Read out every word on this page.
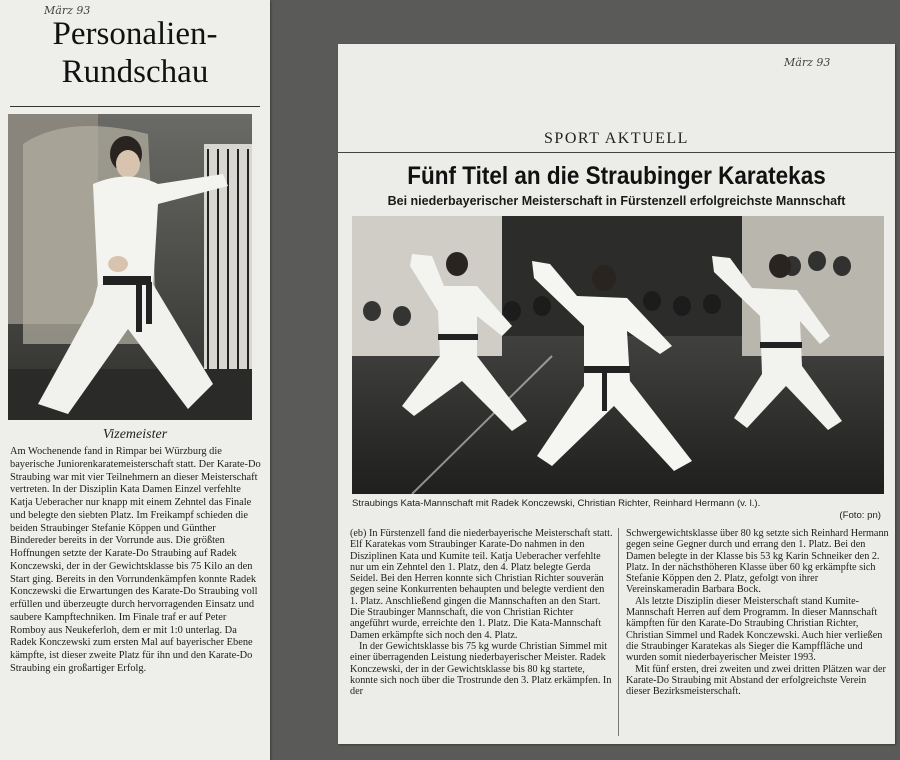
März 93
Personalien-
Rundschau
Vizemeister
Am Wochenende fand in Rimpar bei Würzburg die bayerische Juniorenkaratemeisterschaft statt. Der Karate-Do Straubing war mit vier Teilnehmern an dieser Meisterschaft vertreten. In der Disziplin Kata Damen Einzel verfehlte Katja Ueberacher nur knapp mit einem Zehntel das Finale und belegte den siebten Platz. Im Freikampf schieden die beiden Straubinger Stefanie Köppen und Günther Bindereder bereits in der Vorrunde aus. Die größten Hoffnungen setzte der Karate-Do Straubing auf Radek Konczewski, der in der Gewichtsklasse bis 75 Kilo an den Start ging. Bereits in den Vorrundenkämpfen konnte Radek Konczewski die Erwartungen des Karate-Do Straubing voll erfüllen und überzeugte durch hervorragenden Einsatz und saubere Kampftechniken. Im Finale traf er auf Peter Romboy aus Neukeferloh, dem er mit 1:0 unterlag. Da Radek Konczewski zum ersten Mal auf bayerischer Ebene kämpfte, ist dieser zweite Platz für ihn und den Karate-Do Straubing ein großartiger Erfolg.
März 93
SPORT AKTUELL
Fünf Titel an die Straubinger Karatekas
Bei niederbayerischer Meisterschaft in Fürstenzell erfolgreichste Mannschaft
Straubings Kata-Mannschaft mit Radek Konczewski, Christian Richter, Reinhard Hermann (v. l.).
(Foto: pn)

(eb) In Fürstenzell fand die niederbayerische Meisterschaft statt. Elf Karatekas vom Straubinger Karate-Do nahmen in den Disziplinen Kata und Kumite teil. Katja Ueberacher verfehlte nur um ein Zehntel den 1. Platz, den 4. Platz belegte Gerda Seidel. Bei den Herren konnte sich Christian Richter souverän gegen seine Konkurrenten behaupten und belegte verdient den 1. Platz. Anschließend gingen die Mannschaften an den Start. Die Straubinger Mannschaft, die von Christian Richter angeführt wurde, erreichte den 1. Platz. Die Kata-Mannschaft Damen erkämpfte sich noch den 4. Platz.

In der Gewichtsklasse bis 75 kg wurde Christian Simmel mit einer überragenden Leistung niederbayerischer Meister. Radek Konczewski, der in der Gewichtsklasse bis 80 kg startete, konnte sich noch über die Trostrunde den 3. Platz erkämpfen. In der

Schwergewichtsklasse über 80 kg setzte sich Reinhard Hermann gegen seine Gegner durch und errang den 1. Platz. Bei den Damen belegte in der Klasse bis 53 kg Karin Schneiker den 2. Platz. In der nächsthöheren Klasse über 60 kg erkämpfte sich Stefanie Köppen den 2. Platz, gefolgt von ihrer Vereinskameradin Barbara Bock.

Als letzte Disziplin dieser Meisterschaft stand Kumite-Mannschaft Herren auf dem Programm. In dieser Mannschaft kämpften für den Karate-Do Straubing Christian Richter, Christian Simmel und Radek Konczewski. Auch hier verließen die Straubinger Karatekas als Sieger die Kampffläche und wurden somit niederbayerischer Meister 1993.

Mit fünf ersten, drei zweiten und zwei dritten Plätzen war der Karate-Do Straubing mit Abstand der erfolgreichste Verein dieser Bezirksmeisterschaft.
